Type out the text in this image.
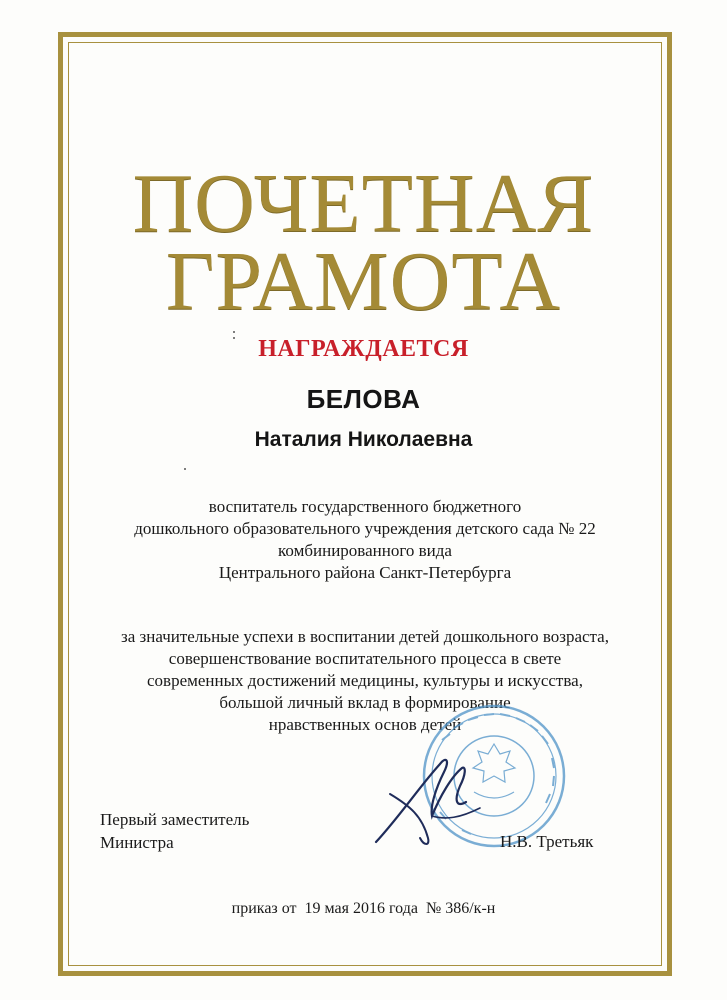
ПОЧЕТНАЯ
ГРАМОТА
НАГРАЖДАЕТСЯ
БЕЛОВА
Наталия Николаевна
воспитатель государственного бюджетного
дошкольного образовательного учреждения детского сада № 22
комбинированного вида
Центрального района Санкт-Петербурга
за значительные успехи в воспитании детей дошкольного возраста,
совершенствование воспитательного процесса в свете
современных достижений медицины, культуры и искусства,
большой личный вклад в формирование
нравственных основ детей
Первый заместитель
Министра	Н.В. Третьяк
приказ от 19 мая 2016 года № 386/к-н
